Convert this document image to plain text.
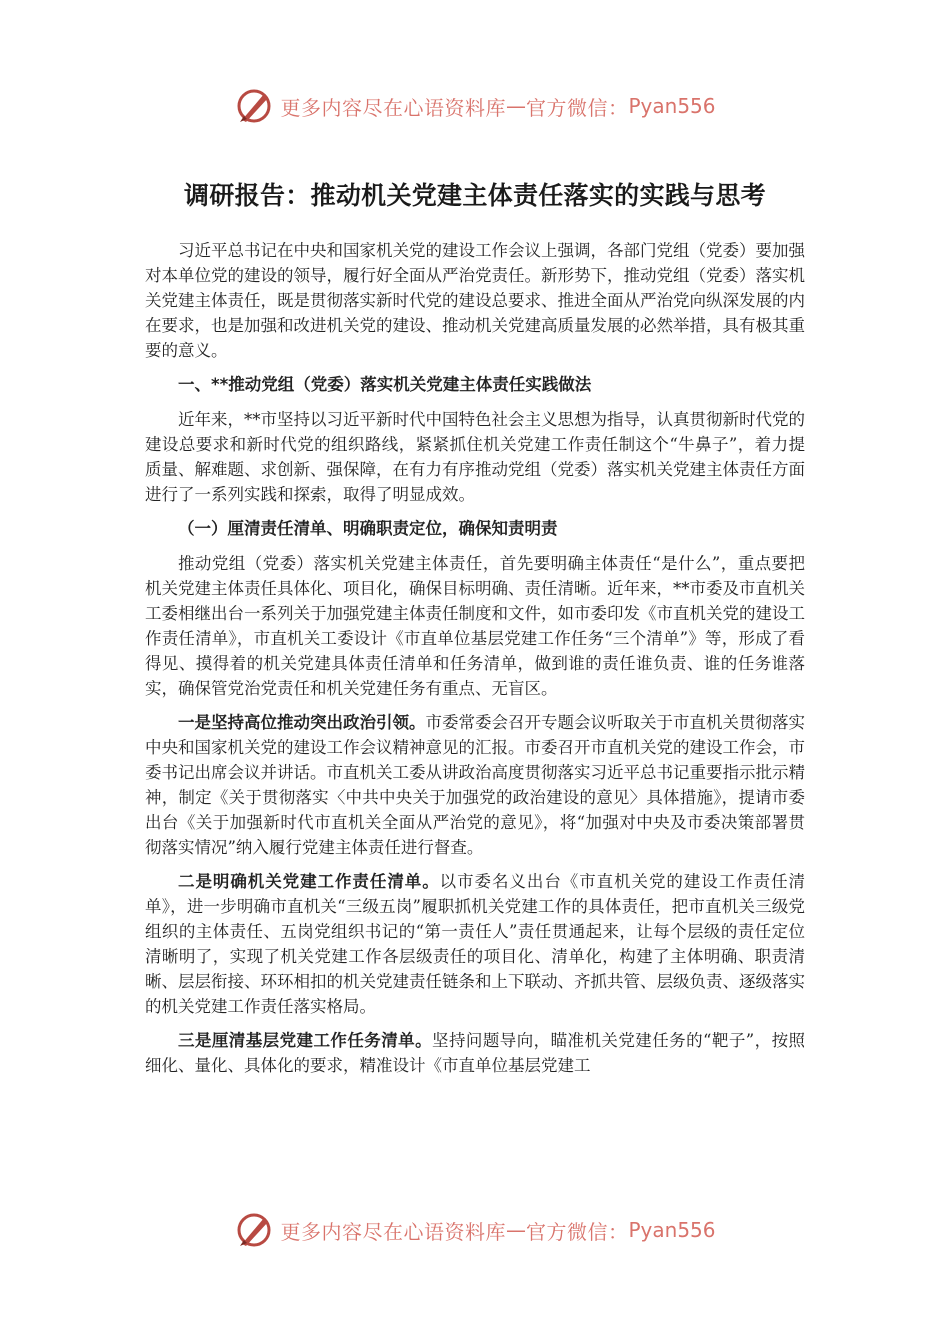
更多内容尽在心语资料库 — 官方微信： Pyan556
调研报告：推动机关党建主体责任落实的实践与思考

习近平总书记在中央和国家机关党的建设工作会议上强调，各部门党组（党委）要加强对本单位党的建设的领导，履行好全面从严治党责任。新形势下，推动党组（党委）落实机关党建主体责任，既是贯彻落实新时代党的建设总要求、推进全面从严治党向纵深发展的内在要求，也是加强和改进机关党的建设、推动机关党建高质量发展的必然举措，具有极其重要的意义。

一、**推动党组（党委）落实机关党建主体责任实践做法

近年来，**市坚持以习近平新时代中国特色社会主义思想为指导，认真贯彻新时代党的建设总要求和新时代党的组织路线，紧紧抓住机关党建工作责任制这个“牛鼻子”，着力提质量、解难题、求创新、强保障，在有力有序推动党组（党委）落实机关党建主体责任方面进行了一系列实践和探索，取得了明显成效。

（一）厘清责任清单、明确职责定位，确保知责明责

推动党组（党委）落实机关党建主体责任，首先要明确主体责任“是什么”，重点要把机关党建主体责任具体化、项目化，确保目标明确、责任清晰。近年来，**市委及市直机关工委相继出台一系列关于加强党建主体责任制度和文件，如市委印发《市直机关党的建设工作责任清单》，市直机关工委设计《市直单位基层党建工作任务“三个清单”》等，形成了看得见、摸得着的机关党建具体责任清单和任务清单，做到谁的责任谁负责、谁的任务谁落实，确保管党治党责任和机关党建任务有重点、无盲区。

一是坚持高位推动突出政治引领。市委常委会召开专题会议听取关于市直机关贯彻落实中央和国家机关党的建设工作会议精神意见的汇报。市委召开市直机关党的建设工作会，市委书记出席会议并讲话。市直机关工委从讲政治高度贯彻落实习近平总书记重要指示批示精神，制定《关于贯彻落实〈中共中央关于加强党的政治建设的意见〉具体措施》，提请市委出台《关于加强新时代市直机关全面从严治党的意见》，将“加强对中央及市委决策部署贯彻落实情况”纳入履行党建主体责任进行督查。

二是明确机关党建工作责任清单。以市委名义出台《市直机关党的建设工作责任清单》，进一步明确市直机关“三级五岗”履职抓机关党建工作的具体责任，把市直机关三级党组织的主体责任、五岗党组织书记的“第一责任人”责任贯通起来，让每个层级的责任定位清晰明了，实现了机关党建工作各层级责任的项目化、清单化，构建了主体明确、职责清晰、层层衔接、环环相扣的机关党建责任链条和上下联动、齐抓共管、层级负责、逐级落实的机关党建工作责任落实格局。

三是厘清基层党建工作任务清单。坚持问题导向，瞄准机关党建任务的“靶子”，按照细化、量化、具体化的要求，精准设计《市直单位基层党建工

更多内容尽在心语资料库 — 官方微信： Pyan556
